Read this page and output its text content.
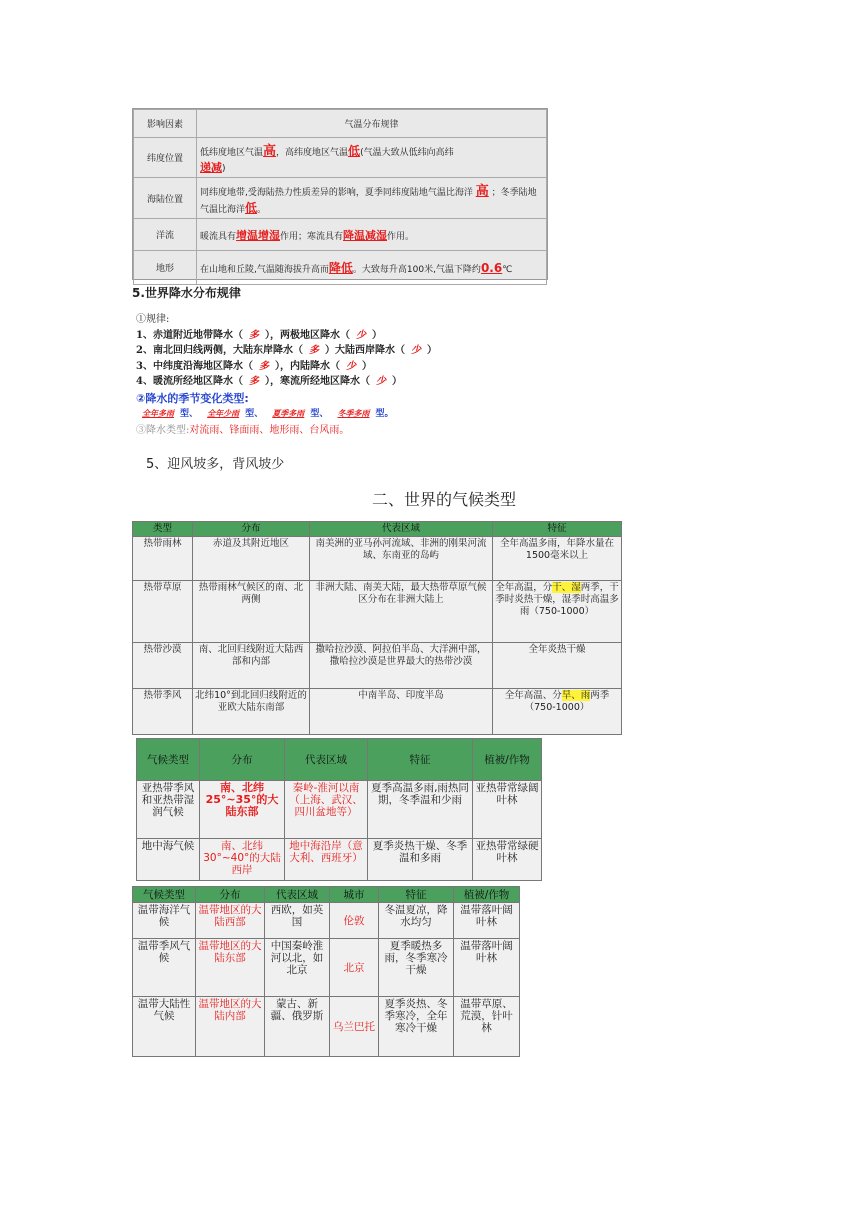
影响因素	气温分布规律
纬度位置	低纬度地区气温高，高纬度地区气温低(气温大致从低纬向高纬
递减)
海陆位置	同纬度地带,受海陆热力性质差异的影响，夏季同纬度陆地气温比海洋 高 ；冬季陆地气温比海洋低。
洋流	暖流具有增温增湿作用；寒流具有降温减湿作用。
地形	在山地和丘陵,气温随海拔升高而降低。大致每升高100米,气温下降约0.6℃
5.世界降水分布规律
①规律:
1、赤道附近地带降水（ 多 ），两极地区降水（ 少 ）
2、南北回归线两侧，大陆东岸降水（ 多 ）大陆西岸降水（ 少 ）
3、中纬度沿海地区降水（ 多 ），内陆降水（ 少 ）
4、暖流所经地区降水（ 多 ），寒流所经地区降水（ 少 ）
②降水的季节变化类型:
全年多雨 型、 全年少雨 型、 夏季多雨 型、 冬季多雨 型。
③降水类型:对流雨、锋面雨、地形雨、台风雨。
5、迎风坡多，背风坡少
二、世界的气候类型
类型	分布	代表区域	特征
热带雨林	赤道及其附近地区	南美洲的亚马孙河流域、非洲的刚果河流域、东南亚的岛屿	全年高温多雨，年降水量在1500毫米以上
热带草原	热带雨林气候区的南、北两侧	非洲大陆、南美大陆，最大热带草原气候区分布在非洲大陆上	全年高温，分干、湿两季，干季时炎热干燥，湿季时高温多雨（750-1000）
热带沙漠	南、北回归线附近大陆西部和内部	撒哈拉沙漠、阿拉伯半岛、大洋洲中部，撒哈拉沙漠是世界最大的热带沙漠	全年炎热干燥
热带季风	北纬10°到北回归线附近的亚欧大陆东南部	中南半岛、印度半岛	全年高温、分旱、雨两季（750-1000）
气候类型	分布	代表区域	特征	植被/作物
亚热带季风和亚热带湿润气候	南、北纬25°~35°的大陆东部	秦岭-淮河以南（上海、武汉、四川盆地等）	夏季高温多雨,雨热同期，冬季温和少雨	亚热带常绿阔叶林
地中海气候	南、北纬30°~40°的大陆西岸	地中海沿岸（意大利、西班牙）	夏季炎热干燥、冬季温和多雨	亚热带常绿硬叶林
气候类型	分布	代表区域	城市	特征	植被/作物
温带海洋气候	温带地区的大陆西部	西欧，如英国	伦敦	冬温夏凉，降水均匀	温带落叶阔叶林
温带季风气候	温带地区的大陆东部	中国秦岭淮河以北，如北京	北京	夏季暖热多雨，冬季寒冷干燥	温带落叶阔叶林
温带大陆性气候	温带地区的大陆内部	蒙古、新疆、俄罗斯	乌兰巴托	夏季炎热、冬季寒冷，全年寒冷干燥	温带草原、荒漠，针叶林
